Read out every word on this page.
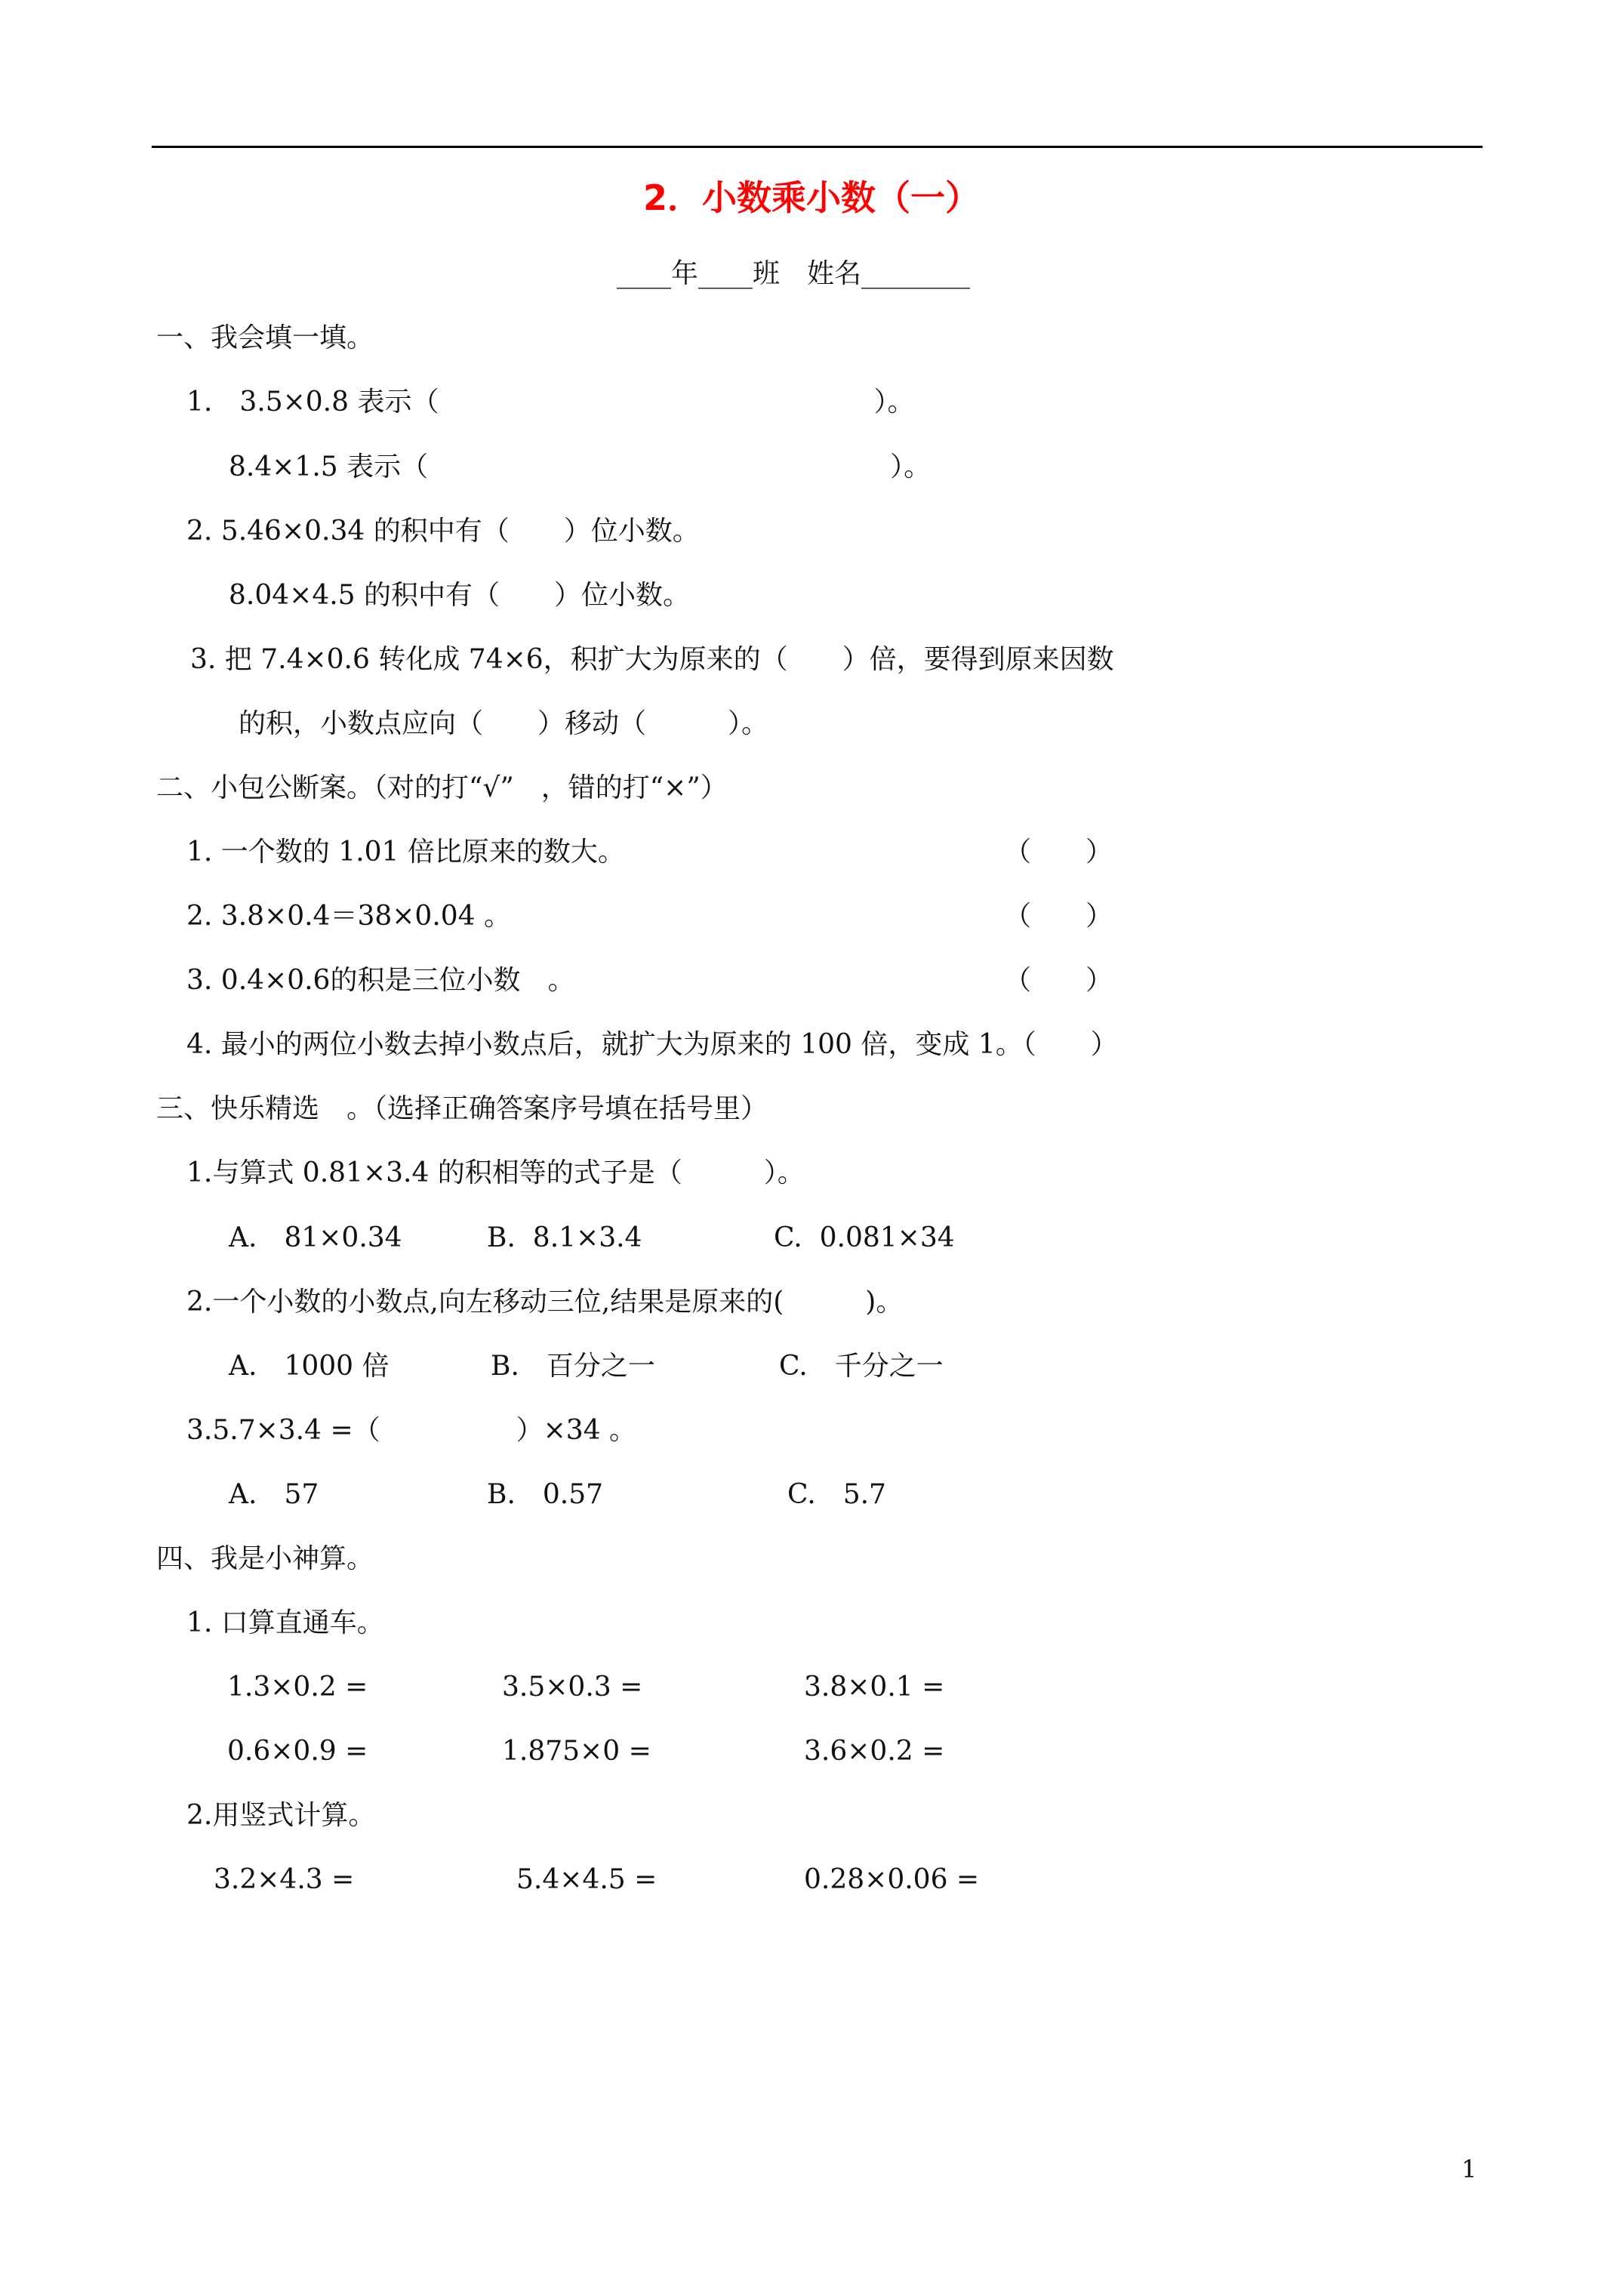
2．小数乘小数（一）
____年____班　姓名________
一、我会填一填。
1.　3.5×0.8 表示（　　　　　　　　　　　　　　　　）。
8.4×1.5 表示（　　　　　　　　　　　　　　　　　）。
2. 5.46×0.34 的积中有（　　）位小数。
8.04×4.5 的积中有（　　）位小数。
3. 把 7.4×0.6 转化成 74×6，积扩大为原来的（　　）倍，要得到原来因数
的积，小数点应向（　　）移动（　　　）。
二、小包公断案。（对的打“√”　，错的打“×”）
1. 一个数的 1.01 倍比原来的数大。	（　　）
2. 3.8×0.4＝38×0.04 。	（　　）
3. 0.4×0.6的积是三位小数　。	（　　）
4. 最小的两位小数去掉小数点后，就扩大为原来的 100 倍，变成 1。（　　）
三、快乐精选　。（选择正确答案序号填在括号里）
1.与算式 0.81×3.4 的积相等的式子是（　　　）。
A.　81×0.34	B.  8.1×3.4	C.  0.081×34
2.一个小数的小数点,向左移动三位,结果是原来的(　　　)。
A.　1000 倍	B.　百分之一	C.　千分之一
3.5.7×3.4 =（　　　　　）×34 。
A.　57	B.　0.57	C.　5.7
四、我是小神算。
1. 口算直通车。
1.3×0.2 =	3.5×0.3 =	3.8×0.1 =
0.6×0.9 =	1.875×0 =	3.6×0.2 =
2.用竖式计算。
3.2×4.3 =	5.4×4.5 =	0.28×0.06 =
1
